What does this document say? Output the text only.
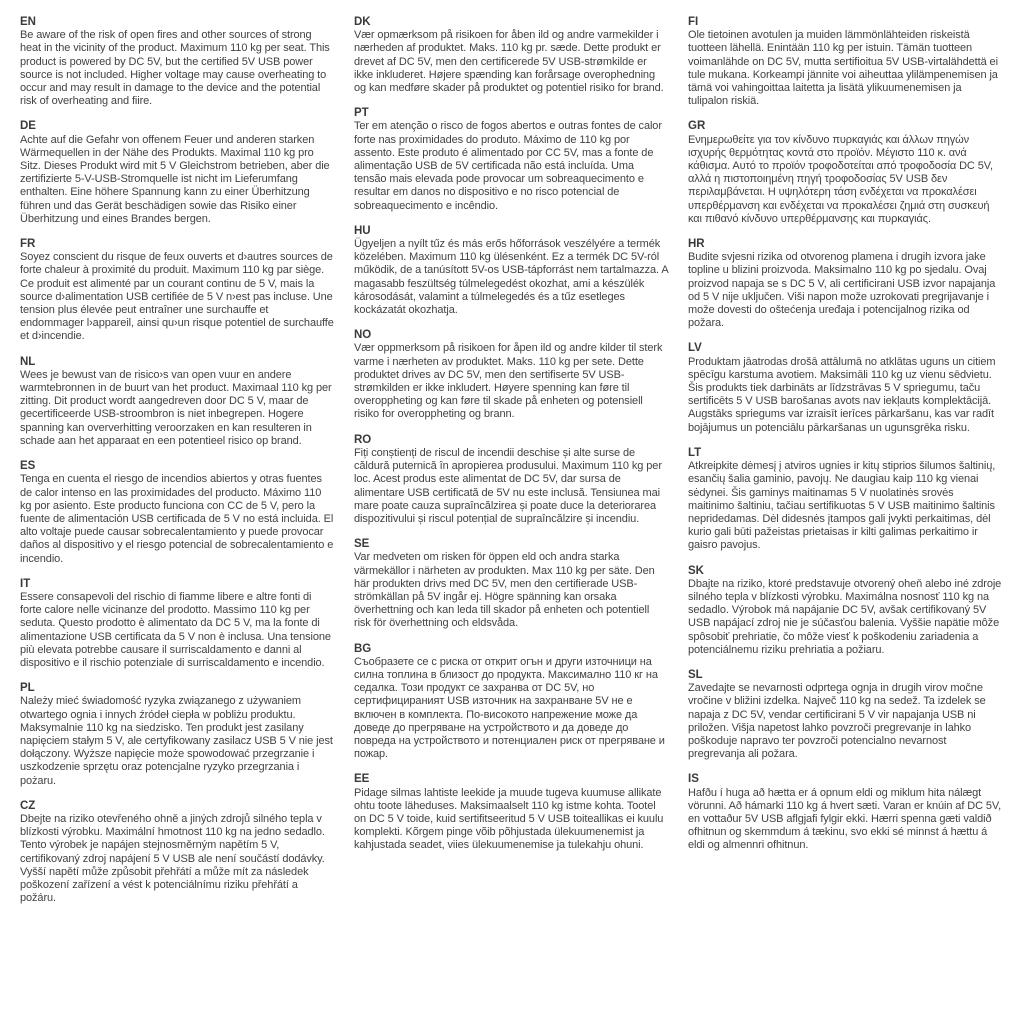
EN

Be aware of the risk of open fires and other sources of strong heat in the vicinity of the product. Maximum 110 kg per seat. This product is powered by DC 5V, but the certified 5V USB power source is not included. Higher voltage may cause overheating to occur and may result in damage to the device and the potential risk of overheating and fiire.

DE

Achte auf die Gefahr von offenem Feuer und anderen starken Wärmequellen in der Nähe des Produkts. Maximal 110 kg pro Sitz. Dieses Produkt wird mit 5 V Gleichstrom betrieben, aber die zertifizierte 5-V-USB-Stromquelle ist nicht im Lieferumfang enthalten. Eine höhere Spannung kann zu einer Überhitzung führen und das Gerät beschädigen sowie das Risiko einer Überhitzung und eines Brandes bergen.

FR

Soyez conscient du risque de feux ouverts et d›autres sources de forte chaleur à proximité du produit. Maximum 110 kg par siège. Ce produit est alimenté par un courant continu de 5 V, mais la source d›alimentation USB certifiée de 5 V n›est pas incluse. Une tension plus élevée peut entraîner une surchauffe et endommager l›appareil, ainsi qu›un risque potentiel de surchauffe et d›incendie.

NL

Wees je bewust van de risico›s van open vuur en andere warmtebronnen in de buurt van het product. Maximaal 110 kg per zitting. Dit product wordt aangedreven door DC 5 V, maar de gecertificeerde USB-stroombron is niet inbegrepen. Hogere spanning kan oververhitting veroorzaken en kan resulteren in schade aan het apparaat en een potentieel risico op brand.

ES

Tenga en cuenta el riesgo de incendios abiertos y otras fuentes de calor intenso en las proximidades del producto. Máximo 110 kg por asiento. Este producto funciona con CC de 5 V, pero la fuente de alimentación USB certificada de 5 V no está incluida. El alto voltaje puede causar sobrecalentamiento y puede provocar daños al dispositivo y el riesgo potencial de sobrecalentamiento e incendio.

IT

Essere consapevoli del rischio di fiamme libere e altre fonti di forte calore nelle vicinanze del prodotto. Massimo 110 kg per seduta. Questo prodotto è alimentato da DC 5 V, ma la fonte di alimentazione USB certificata da 5 V non è inclusa. Una tensione più elevata potrebbe causare il surriscaldamento e danni al dispositivo e il rischio potenziale di surriscaldamento e incendio.

PL

Należy mieć świadomość ryzyka związanego z używaniem otwartego ognia i innych źródeł ciepła w pobliżu produktu. Maksymalnie 110 kg na siedzisko. Ten produkt jest zasilany napięciem stałym 5 V, ale certyfikowany zasilacz USB 5 V nie jest dołączony. Wyższe napięcie może spowodować przegrzanie i uszkodzenie sprzętu oraz potencjalne ryzyko przegrzania i pożaru.

CZ

Dbejte na riziko otevřeného ohně a jiných zdrojů silného tepla v blízkosti výrobku. Maximální hmotnost 110 kg na jedno sedadlo. Tento výrobek je napájen stejnosměrným napětím 5 V, certifikovaný zdroj napájení 5 V USB ale není součástí dodávky. Vyšší napětí může způsobit přehřátí a může mít za následek poškození zařízení a vést k potenciálnímu riziku přehřátí a požáru.

DK

Vær opmærksom på risikoen for åben ild og andre varmekilder i nærheden af produktet. Maks. 110 kg pr. sæde. Dette produkt er drevet af DC 5V, men den certificerede 5V USB-strømkilde er ikke inkluderet. Højere spænding kan forårsage overophedning og kan medføre skader på produktet og potentiel risiko for brand.

PT

Ter em atenção o risco de fogos abertos e outras fontes de calor forte nas proximidades do produto. Máximo de 110 kg por assento. Este produto é alimentado por CC 5V, mas a fonte de alimentação USB de 5V certificada não está incluída. Uma tensão mais elevada pode provocar um sobreaquecimento e resultar em danos no dispositivo e no risco potencial de sobreaquecimento e incêndio.

HU

Ügyeljen a nyílt tűz és más erős hőforrások veszélyére a termék közelében. Maximum 110 kg ülésenként. Ez a termék DC 5V-ról működik, de a tanúsított 5V-os USB-tápforrást nem tartalmazza. A magasabb feszültség túlmelegedést okozhat, ami a készülék károsodását, valamint a túlmelegedés és a tűz esetleges kockázatát okozhatja.

NO

Vær oppmerksom på risikoen for åpen ild og andre kilder til sterk varme i nærheten av produktet. Maks. 110 kg per sete. Dette produktet drives av DC 5V, men den sertifiserte 5V USB-strømkilden er ikke inkludert. Høyere spenning kan føre til overoppheting og kan føre til skade på enheten og potensiell risiko for overoppheting og brann.

RO

Fiți conștienți de riscul de incendii deschise și alte surse de căldură puternică în apropierea produsului. Maximum 110 kg per loc. Acest produs este alimentat de DC 5V, dar sursa de alimentare USB certificată de 5V nu este inclusă. Tensiunea mai mare poate cauza supraîncălzirea și poate duce la deteriorarea dispozitivului și riscul potențial de supraîncălzire și incendiu.

SE

Var medveten om risken för öppen eld och andra starka värmekällor i närheten av produkten. Max 110 kg per säte. Den här produkten drivs med DC 5V, men den certifierade USB-strömkällan på 5V ingår ej. Högre spänning kan orsaka överhettning och kan leda till skador på enheten och potentiell risk för överhettning och eldsvåda.

BG

Съобразете се с риска от открит огън и други източници на силна топлина в близост до продукта. Максимално 110 кг на седалка. Този продукт се захранва от DC 5V, но сертифицираният USB източник на захранване 5V не е включен в комплекта. По-високото напрежение може да доведе до прегряване на устройството и да доведе до повреда на устройството и потенциален риск от прегряване и пожар.

EE

Pidage silmas lahtiste leekide ja muude tugeva kuumuse allikate ohtu toote läheduses. Maksimaalselt 110 kg istme kohta. Tootel on DC 5 V toide, kuid sertifitseeritud 5 V USB toiteallikas ei kuulu komplekti. Kõrgem pinge võib põhjustada ülekuumenemist ja kahjustada seadet, viies ülekuumenemise ja tulekahju ohuni.

FI

Ole tietoinen avotulen ja muiden lämmönlähteiden riskeistä tuotteen lähellä. Enintään 110 kg per istuin. Tämän tuotteen voimanlähde on DC 5V, mutta sertifioitua 5V USB-virtalähdettä ei tule mukana. Korkeampi jännite voi aiheuttaa ylilämpenemisen ja tämä voi vahingoittaa laitetta ja lisätä ylikuumenemisen ja tulipalon riskiä.

GR

Ενημερωθείτε για τον κίνδυνο πυρκαγιάς και άλλων πηγών ισχυρής θερμότητας κοντά στο προϊόν. Μέγιστο 110 κ. ανά κάθισμα. Αυτό το προϊόν τροφοδοτείται από τροφοδοσία DC 5V, αλλά η πιστοποιημένη πηγή τροφοδοσίας 5V USB δεν περιλαμβάνεται. Η υψηλότερη τάση ενδέχεται να προκαλέσει υπερθέρμανση και ενδέχεται να προκαλέσει ζημιά στη συσκευή και πιθανό κίνδυνο υπερθέρμανσης και πυρκαγιάς.

HR

Budite svjesni rizika od otvorenog plamena i drugih izvora jake topline u blizini proizvoda. Maksimalno 110 kg po sjedalu. Ovaj proizvod napaja se s DC 5 V, ali certificirani USB izvor napajanja od 5 V nije uključen. Viši napon može uzrokovati pregrijavanje i može dovesti do oštećenja uređaja i potencijalnog rizika od požara.

LV

Produktam jāatrodas drošā attālumā no atklātas uguns un citiem spēcīgu karstuma avotiem. Maksimāli 110 kg uz vienu sēdvietu. Šis produkts tiek darbināts ar līdzstrāvas 5 V spriegumu, taču sertificēts 5 V USB barošanas avots nav iekļauts komplektācijā. Augstāks spriegums var izraisīt ierīces pārkaršanu, kas var radīt bojājumus un potenciālu pārkaršanas un ugunsgrēka risku.

LT

Atkreipkite dėmesį į atviros ugnies ir kitų stiprios šilumos šaltinių, esančių šalia gaminio, pavojų. Ne daugiau kaip 110 kg vienai sėdynei. Šis gaminys maitinamas 5 V nuolatinės srovės maitinimo šaltiniu, tačiau sertifikuotas 5 V USB maitinimo šaltinis nepridedamas. Dėl didesnės įtampos gali įvykti perkaitimas, dėl kurio gali būti pažeistas prietaisas ir kilti galimas perkaitimo ir gaisro pavojus.

SK

Dbajte na riziko, ktoré predstavuje otvorený oheň alebo iné zdroje silného tepla v blízkosti výrobku. Maximálna nosnosť 110 kg na sedadlo. Výrobok má napájanie DC 5V, avšak certifikovaný 5V USB napájací zdroj nie je súčasťou balenia. Vyššie napätie môže spôsobiť prehriatie, čo môže viesť k poškodeniu zariadenia a potenciálnemu riziku prehriatia a požiaru.

SL

Zavedajte se nevarnosti odprtega ognja in drugih virov močne vročine v bližini izdelka. Največ 110 kg na sedež. Ta izdelek se napaja z DC 5V, vendar certificirani 5 V vir napajanja USB ni priložen. Višja napetost lahko povzroči pregrevanje in lahko poškoduje napravo ter povzroči potencialno nevarnost pregrevanja ali požara.

IS

Hafðu í huga að hætta er á opnum eldi og miklum hita nálægt vörunni. Að hámarki 110 kg á hvert sæti. Varan er knúin af DC 5V, en vottaður 5V USB aflgjafi fylgir ekki. Hærri spenna gæti valdið ofhitnun og skemmdum á tækinu, svo ekki sé minnst á hættu á eldi og almennri ofhitnun.
